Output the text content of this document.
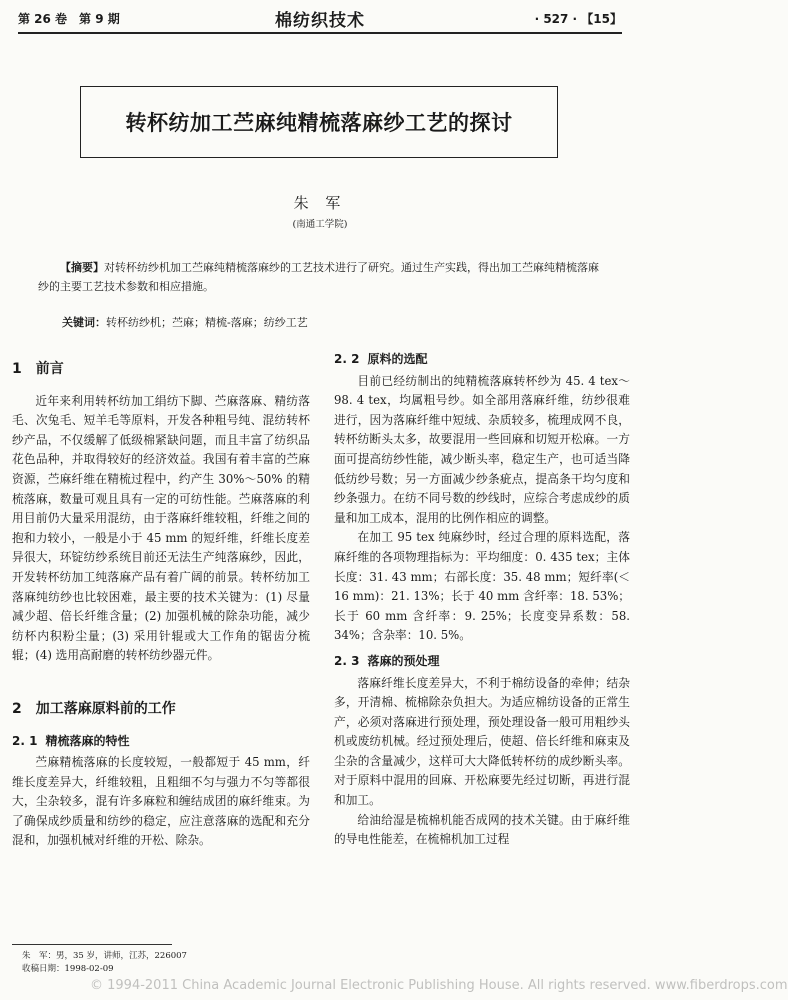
第 26 卷　第 9 期	棉纺织技术	· 527 · 【15】
转杯纺加工苎麻纯精梳落麻纱工艺的探讨
朱 军
(南通工学院)
【摘要】对转杯纺纱机加工苎麻纯精梳落麻纱的工艺技术进行了研究。通过生产实践，得出加工苎麻纯精梳落麻纱的主要工艺技术参数和相应措施。
关键词：转杯纺纱机；苎麻；精梳-落麻；纺纱工艺
1 前言

近年来利用转杯纺加工绢纺下脚、苎麻落麻、精纺落毛、次兔毛、短羊毛等原料，开发各种粗号纯、混纺转杯纱产品，不仅缓解了低级棉紧缺问题，而且丰富了纺织品花色品种，并取得较好的经济效益。我国有着丰富的苎麻资源，苎麻纤维在精梳过程中，约产生 30%～50% 的精梳落麻，数量可观且具有一定的可纺性能。苎麻落麻的利用目前仍大量采用混纺，由于落麻纤维较粗，纤维之间的抱和力较小，一般是小于 45 mm 的短纤维，纤维长度差异很大，环锭纺纱系统目前还无法生产纯落麻纱，因此，开发转杯纺加工纯落麻产品有着广阔的前景。转杯纺加工落麻纯纺纱也比较困难，最主要的技术关键为：(1) 尽量减少超、倍长纤维含量；(2) 加强机械的除杂功能，减少纺杯内积粉尘量；(3) 采用针辊或大工作角的锯齿分梳辊；(4) 选用高耐磨的转杯纺纱器元件。

2 加工落麻原料前的工作
2. 1 精梳落麻的特性

苎麻精梳落麻的长度较短，一般都短于 45 mm，纤维长度差异大，纤维较粗，且粗细不匀与强力不匀等都很大，尘杂较多，混有许多麻粒和缠结成团的麻纤维束。为了确保成纱质量和纺纱的稳定，应注意落麻的选配和充分混和，加强机械对纤维的开松、除杂。

2. 2 原料的选配

目前已经纺制出的纯精梳落麻转杯纱为 45. 4 tex～98. 4 tex，均属粗号纱。如全部用落麻纤维，纺纱很难进行，因为落麻纤维中短绒、杂质较多，梳理成网不良，转杯纺断头太多，故要混用一些回麻和切短开松麻。一方面可提高纺纱性能，减少断头率，稳定生产，也可适当降低纺纱号数；另一方面减少纱条疵点，提高条干均匀度和纱条强力。在纺不同号数的纱线时，应综合考虑成纱的质量和加工成本，混用的比例作相应的调整。

在加工 95 tex 纯麻纱时，经过合理的原料选配，落麻纤维的各项物理指标为：平均细度：0. 435 tex；主体长度：31. 43 mm；右部长度：35. 48 mm；短纤率(＜16 mm)：21. 13%；长于 40 mm 含纤率：18. 53%；长于 60 mm 含纤率：9. 25%；长度变异系数：58. 34%；含杂率：10. 5%。

2. 3 落麻的预处理

落麻纤维长度差异大，不利于棉纺设备的牵伸；结杂多，开清棉、梳棉除杂负担大。为适应棉纺设备的正常生产，必须对落麻进行预处理，预处理设备一般可用粗纱头机或废纺机械。经过预处理后，使超、倍长纤维和麻束及尘杂的含量减少，这样可大大降低转杯纺的成纱断头率。对于原料中混用的回麻、开松麻要先经过切断，再进行混和加工。

给油给湿是梳棉机能否成网的技术关键。由于麻纤维的导电性能差，在梳棉机加工过程

朱　军：男，35 岁，讲师，江苏，226007
收稿日期：1998-02-09
© 1994-2011 China Academic Journal Electronic Publishing House. All rights reserved. www.fiberdrops.com
